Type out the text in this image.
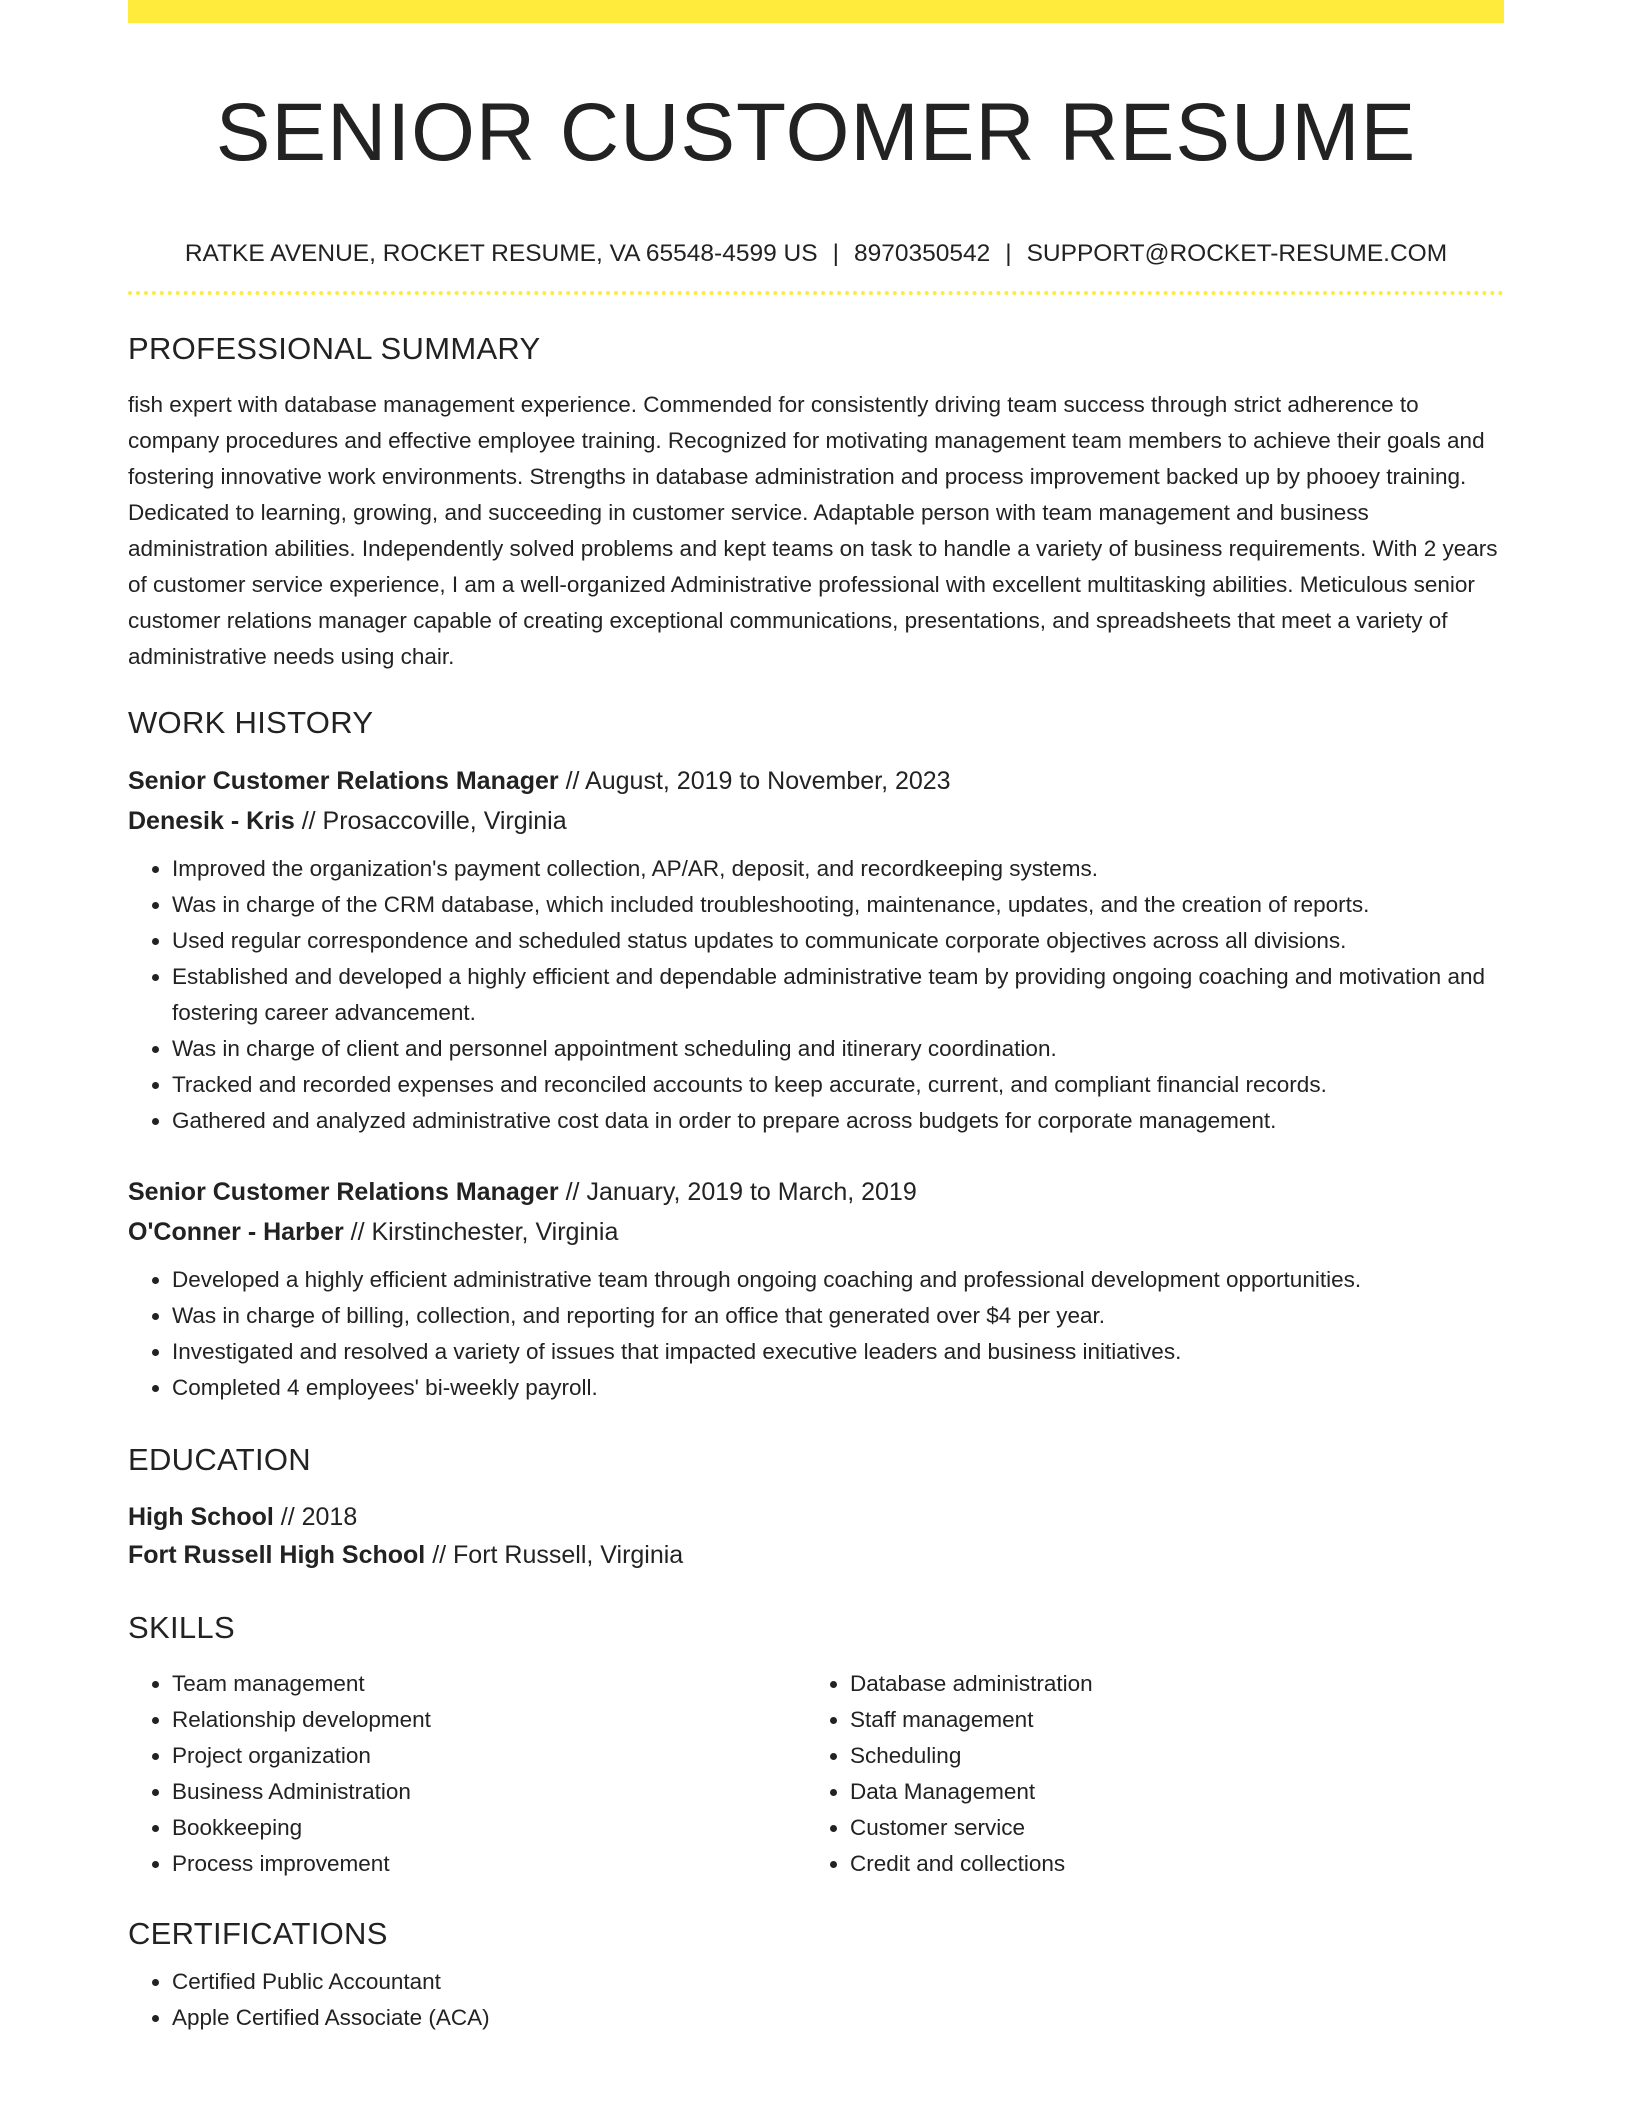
SENIOR CUSTOMER RESUME
RATKE AVENUE, ROCKET RESUME, VA 65548-4599 US | 8970350542 | SUPPORT@ROCKET-RESUME.COM
PROFESSIONAL SUMMARY
fish expert with database management experience. Commended for consistently driving team success through strict adherence to company procedures and effective employee training. Recognized for motivating management team members to achieve their goals and fostering innovative work environments. Strengths in database administration and process improvement backed up by phooey training. Dedicated to learning, growing, and succeeding in customer service. Adaptable person with team management and business administration abilities. Independently solved problems and kept teams on task to handle a variety of business requirements. With 2 years of customer service experience, I am a well-organized Administrative professional with excellent multitasking abilities. Meticulous senior customer relations manager capable of creating exceptional communications, presentations, and spreadsheets that meet a variety of administrative needs using chair.
WORK HISTORY
Senior Customer Relations Manager // August, 2019 to November, 2023
Denesik - Kris // Prosaccoville, Virginia
• Improved the organization's payment collection, AP/AR, deposit, and recordkeeping systems.
• Was in charge of the CRM database, which included troubleshooting, maintenance, updates, and the creation of reports.
• Used regular correspondence and scheduled status updates to communicate corporate objectives across all divisions.
• Established and developed a highly efficient and dependable administrative team by providing ongoing coaching and motivation and fostering career advancement.
• Was in charge of client and personnel appointment scheduling and itinerary coordination.
• Tracked and recorded expenses and reconciled accounts to keep accurate, current, and compliant financial records.
• Gathered and analyzed administrative cost data in order to prepare across budgets for corporate management.
Senior Customer Relations Manager // January, 2019 to March, 2019
O'Conner - Harber // Kirstinchester, Virginia
• Developed a highly efficient administrative team through ongoing coaching and professional development opportunities.
• Was in charge of billing, collection, and reporting for an office that generated over $4 per year.
• Investigated and resolved a variety of issues that impacted executive leaders and business initiatives.
• Completed 4 employees' bi-weekly payroll.
EDUCATION
High School // 2018
Fort Russell High School // Fort Russell, Virginia
SKILLS
• Team management
• Relationship development
• Project organization
• Business Administration
• Bookkeeping
• Process improvement
• Database administration
• Staff management
• Scheduling
• Data Management
• Customer service
• Credit and collections
CERTIFICATIONS
• Certified Public Accountant
• Apple Certified Associate (ACA)
